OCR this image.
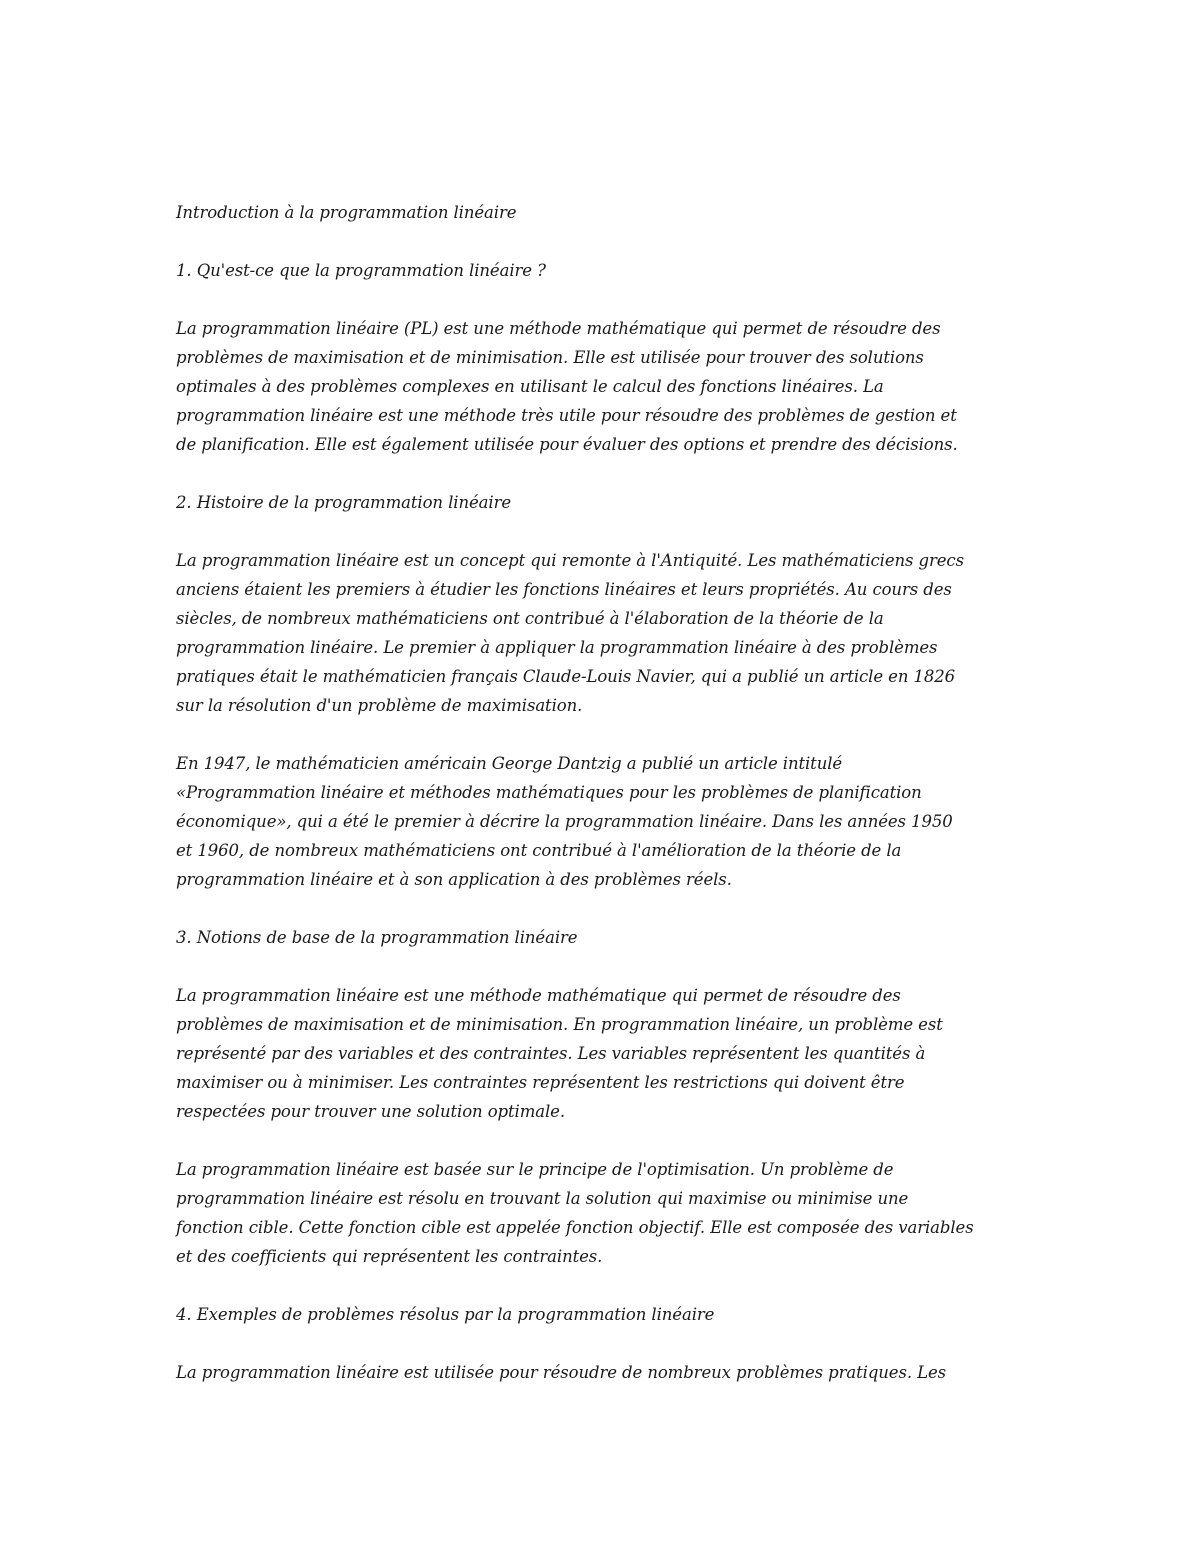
Introduction à la programmation linéaire

1. Qu'est-ce que la programmation linéaire ?

La programmation linéaire (PL) est une méthode mathématique qui permet de résoudre des
problèmes de maximisation et de minimisation. Elle est utilisée pour trouver des solutions
optimales à des problèmes complexes en utilisant le calcul des fonctions linéaires. La
programmation linéaire est une méthode très utile pour résoudre des problèmes de gestion et
de planification. Elle est également utilisée pour évaluer des options et prendre des décisions.

2. Histoire de la programmation linéaire

La programmation linéaire est un concept qui remonte à l'Antiquité. Les mathématiciens grecs
anciens étaient les premiers à étudier les fonctions linéaires et leurs propriétés. Au cours des
siècles, de nombreux mathématiciens ont contribué à l'élaboration de la théorie de la
programmation linéaire. Le premier à appliquer la programmation linéaire à des problèmes
pratiques était le mathématicien français Claude-Louis Navier, qui a publié un article en 1826
sur la résolution d'un problème de maximisation.

En 1947, le mathématicien américain George Dantzig a publié un article intitulé
«Programmation linéaire et méthodes mathématiques pour les problèmes de planification
économique», qui a été le premier à décrire la programmation linéaire. Dans les années 1950
et 1960, de nombreux mathématiciens ont contribué à l'amélioration de la théorie de la
programmation linéaire et à son application à des problèmes réels.

3. Notions de base de la programmation linéaire

La programmation linéaire est une méthode mathématique qui permet de résoudre des
problèmes de maximisation et de minimisation. En programmation linéaire, un problème est
représenté par des variables et des contraintes. Les variables représentent les quantités à
maximiser ou à minimiser. Les contraintes représentent les restrictions qui doivent être
respectées pour trouver une solution optimale.

La programmation linéaire est basée sur le principe de l'optimisation. Un problème de
programmation linéaire est résolu en trouvant la solution qui maximise ou minimise une
fonction cible. Cette fonction cible est appelée fonction objectif. Elle est composée des variables
et des coefficients qui représentent les contraintes.

4. Exemples de problèmes résolus par la programmation linéaire

La programmation linéaire est utilisée pour résoudre de nombreux problèmes pratiques. Les
